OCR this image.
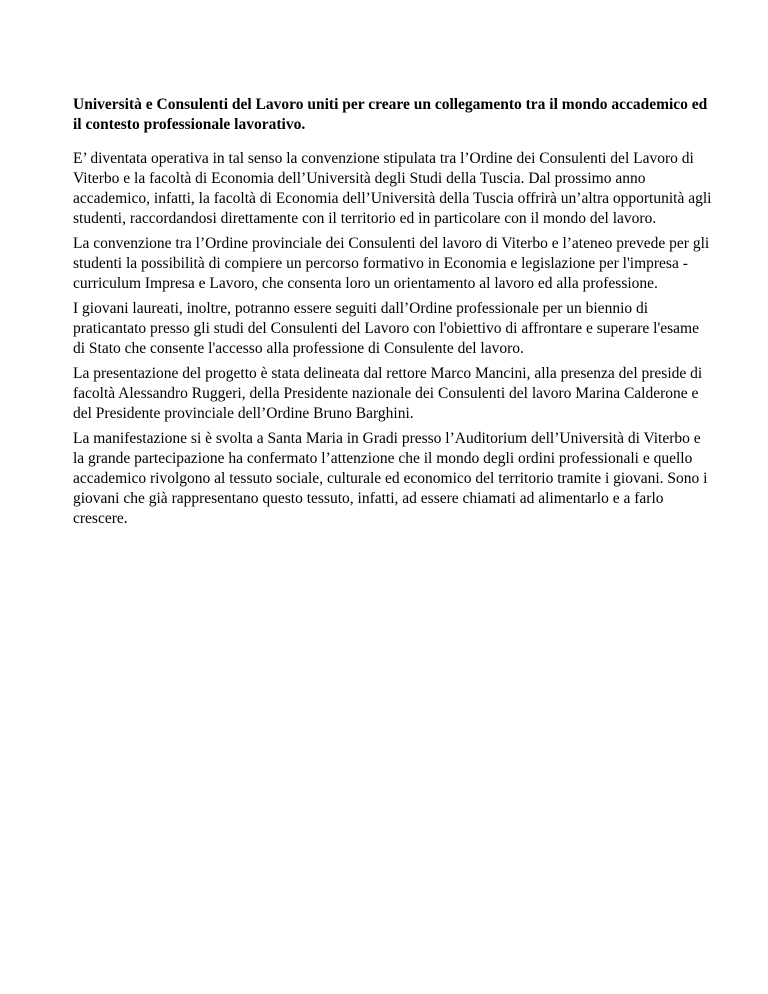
Università e Consulenti del Lavoro uniti per creare un collegamento tra il mondo accademico ed il contesto professionale lavorativo.

E’ diventata operativa in tal senso la convenzione stipulata tra l’Ordine dei Consulenti del Lavoro di Viterbo e la facoltà di Economia dell’Università degli Studi della Tuscia. Dal prossimo anno accademico, infatti, la facoltà di Economia dell’Università della Tuscia offrirà un’altra opportunità agli studenti, raccordandosi direttamente con il territorio ed in particolare con il mondo del lavoro.

La convenzione tra l’Ordine provinciale dei Consulenti del lavoro di Viterbo e l’ateneo prevede per gli studenti la possibilità di compiere un percorso formativo in Economia e legislazione per l'impresa - curriculum Impresa e Lavoro, che consenta loro un orientamento al lavoro ed alla professione.

I giovani laureati, inoltre, potranno essere seguiti dall’Ordine professionale per un biennio di praticantato presso gli studi del Consulenti del Lavoro con l'obiettivo di affrontare e superare l'esame di Stato che consente l'accesso alla professione di Consulente del lavoro.

La presentazione del progetto è stata delineata dal rettore Marco Mancini, alla presenza del preside di facoltà Alessandro Ruggeri, della Presidente nazionale dei Consulenti del lavoro Marina Calderone e del Presidente provinciale dell’Ordine Bruno Barghini.

La manifestazione si è svolta a Santa Maria in Gradi presso l’Auditorium dell’Università di Viterbo e la grande partecipazione ha confermato l’attenzione che il mondo degli ordini professionali e quello accademico rivolgono al tessuto sociale, culturale ed economico del territorio tramite i giovani. Sono i giovani che già rappresentano questo tessuto, infatti, ad essere chiamati ad alimentarlo e a farlo crescere.
